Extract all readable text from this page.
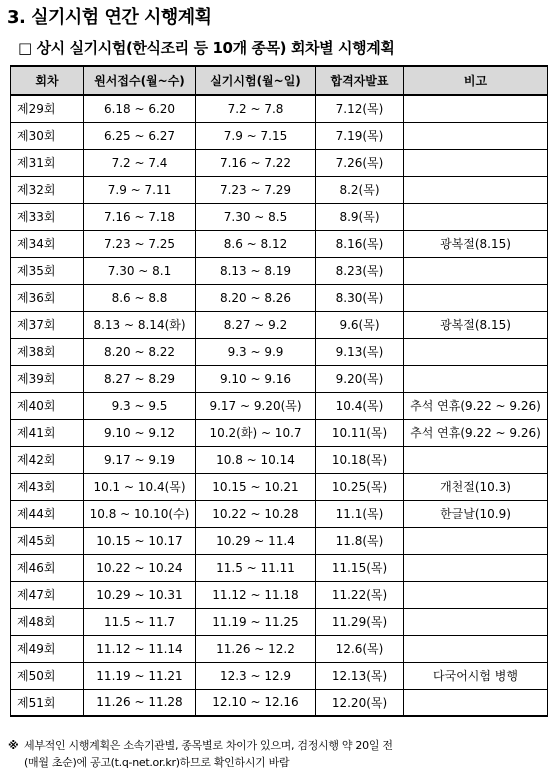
3. 실기시험 연간 시행계획
□ 상시 실기시험(한식조리 등 10개 종목) 회차별 시행계획
회차	원서접수(월~수)	실기시험(월~일)	합격자발표	비고
제29회	6.18 ~ 6.20	7.2 ~ 7.8	7.12(목)	
제30회	6.25 ~ 6.27	7.9 ~ 7.15	7.19(목)	
제31회	7.2 ~ 7.4	7.16 ~ 7.22	7.26(목)	
제32회	7.9 ~ 7.11	7.23 ~ 7.29	8.2(목)	
제33회	7.16 ~ 7.18	7.30 ~ 8.5	8.9(목)	
제34회	7.23 ~ 7.25	8.6 ~ 8.12	8.16(목)	광복절(8.15)
제35회	7.30 ~ 8.1	8.13 ~ 8.19	8.23(목)	
제36회	8.6 ~ 8.8	8.20 ~ 8.26	8.30(목)	
제37회	8.13 ~ 8.14(화)	8.27 ~ 9.2	9.6(목)	광복절(8.15)
제38회	8.20 ~ 8.22	9.3 ~ 9.9	9.13(목)	
제39회	8.27 ~ 8.29	9.10 ~ 9.16	9.20(목)	
제40회	9.3 ~ 9.5	9.17 ~ 9.20(목)	10.4(목)	추석 연휴(9.22 ~ 9.26)
제41회	9.10 ~ 9.12	10.2(화) ~ 10.7	10.11(목)	추석 연휴(9.22 ~ 9.26)
제42회	9.17 ~ 9.19	10.8 ~ 10.14	10.18(목)	
제43회	10.1 ~ 10.4(목)	10.15 ~ 10.21	10.25(목)	개천절(10.3)
제44회	10.8 ~ 10.10(수)	10.22 ~ 10.28	11.1(목)	한글날(10.9)
제45회	10.15 ~ 10.17	10.29 ~ 11.4	11.8(목)	
제46회	10.22 ~ 10.24	11.5 ~ 11.11	11.15(목)	
제47회	10.29 ~ 10.31	11.12 ~ 11.18	11.22(목)	
제48회	11.5 ~ 11.7	11.19 ~ 11.25	11.29(목)	
제49회	11.12 ~ 11.14	11.26 ~ 12.2	12.6(목)	
제50회	11.19 ~ 11.21	12.3 ~ 12.9	12.13(목)	다국어시험 병행
제51회	11.26 ~ 11.28	12.10 ~ 12.16	12.20(목)	
※ 세부적인 시행계획은 소속기관별, 종목별로 차이가 있으며, 검정시행 약 20일 전
(매월 초순)에 공고(t.q-net.or.kr)하므로 확인하시기 바람
